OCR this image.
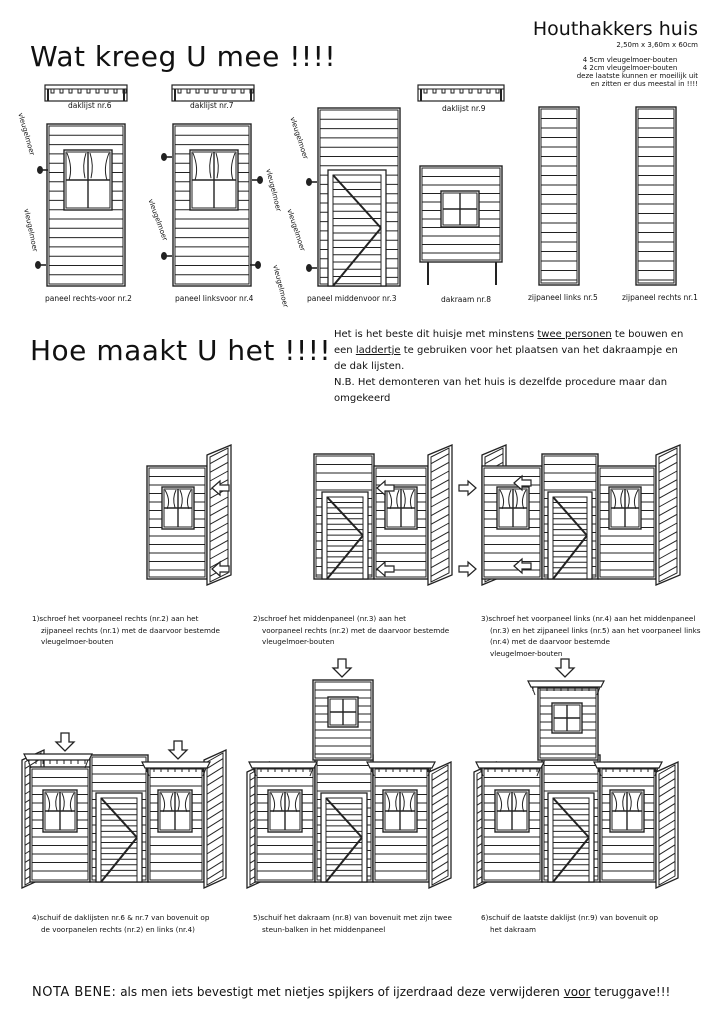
Houthakkers huis
2,50m x 3,60m x 60cm
4 5cm vleugelmoer-bouten
4 2cm vleugelmoer-bouten
deze laatste kunnen er moeilijk uit
en zitten er dus meestal in !!!!
Wat kreeg U mee !!!!
daklijst nr.6	daklijst nr.7	daklijst nr.9
paneel rechts-voor nr.2	paneel linksvoor nr.4	paneel middenvoor nr.3	dakraam nr.8	zijpaneel links nr.5	zijpaneel rechts nr.1
vleugelmoer
vleugelmoer	vleugelmoer
vleugelmoer
vleugelmoer
vleugelmoer
vleugelmoer
Hoe maakt U het !!!! Het is het beste dit huisje met minstens twee personen te bouwen en
een laddertje te gebruiken voor het plaatsen van het dakraampje en
de dak lijsten.
N.B. Het demonteren van het huis is dezelfde procedure maar dan omgekeerd
1)schroef het voorpaneel rechts (nr.2) aan het
zijpaneel rechts (nr.1) met de daarvoor bestemde
vleugelmoer-bouten
2)schroef het middenpaneel (nr.3) aan het
voorpaneel rechts (nr.2) met de daarvoor bestemde
vleugelmoer-bouten
3)schroef het voorpaneel links (nr.4) aan het middenpaneel
(nr.3) en het zijpaneel links (nr.5) aan het voorpaneel links
(nr.4) met de daarvoor bestemde
vleugelmoer-bouten
4)schuif de daklijsten nr.6 & nr.7 van bovenuit op
de voorpanelen rechts (nr.2) en links (nr.4)
5)schuif het dakraam (nr.8) van bovenuit met zijn twee
steun-balken in het middenpaneel
6)schuif de laatste daklijst (nr.9) van bovenuit op
het dakraam
NOTA BENE: als men iets bevestigt met nietjes spijkers of ijzerdraad deze verwijderen voor teruggave!!!
